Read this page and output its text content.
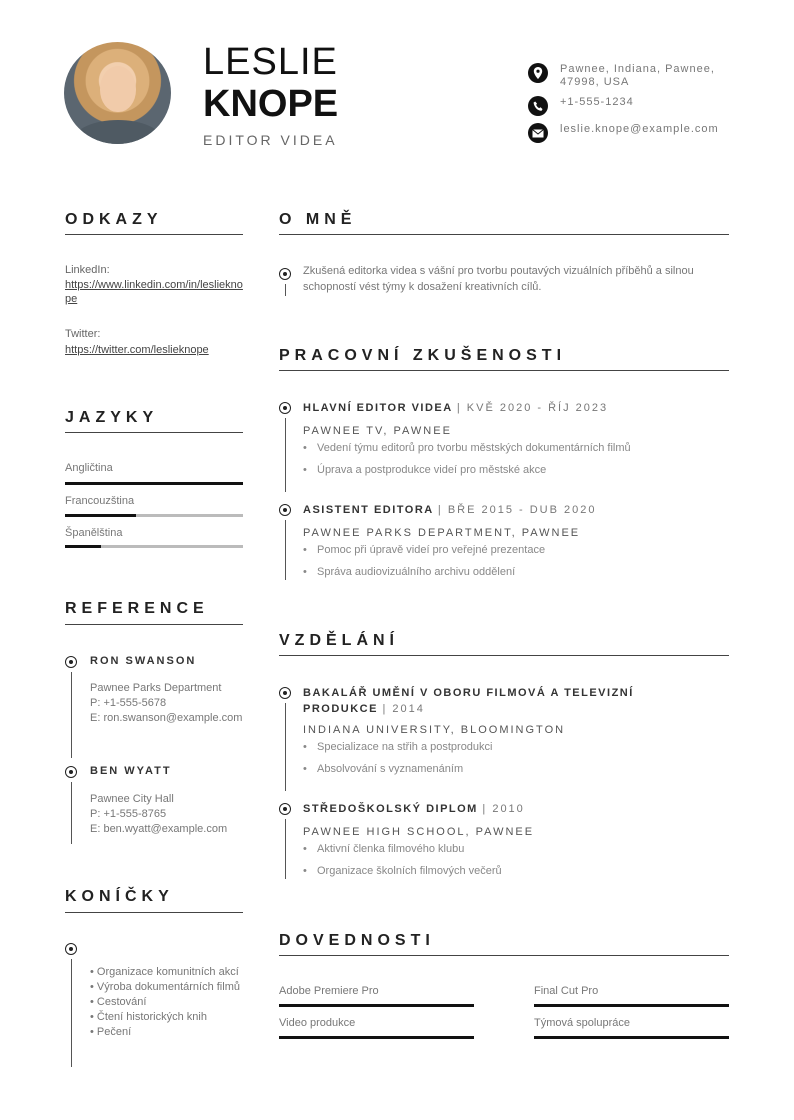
LESLIE
KNOPE
EDITOR VIDEA
Pawnee, Indiana, Pawnee, 47998, USA
+1-555-1234
leslie.knope@example.com
ODKAZY
LinkedIn:
https://www.linkedin.com/in/leslieknope
Twitter:
https://twitter.com/leslieknope
JAZYKY
Angličtina
Francouzština
Španělština
REFERENCE
RON SWANSON
Pawnee Parks Department
P: +1-555-5678
E: ron.swanson@example.com
BEN WYATT
Pawnee City Hall
P: +1-555-8765
E: ben.wyatt@example.com
KONÍČKY
• Organizace komunitních akcí
• Výroba dokumentárních filmů
• Cestování
• Čtení historických knih
• Pečení
O MNĚ
Zkušená editorka videa s vášní pro tvorbu poutavých vizuálních příběhů a silnou schopností vést týmy k dosažení kreativních cílů.
PRACOVNÍ ZKUŠENOSTI
HLAVNÍ EDITOR VIDEA | KVĚ 2020 - ŘÍJ 2023
PAWNEE TV, PAWNEE
• Vedení týmu editorů pro tvorbu městských dokumentárních filmů
• Úprava a postprodukce videí pro městské akce
ASISTENT EDITORA | BŘE 2015 - DUB 2020
PAWNEE PARKS DEPARTMENT, PAWNEE
• Pomoc při úpravě videí pro veřejné prezentace
• Správa audiovizuálního archivu oddělení
VZDĚLÁNÍ
BAKALÁŘ UMĚNÍ V OBORU FILMOVÁ A TELEVIZNÍ PRODUKCE | 2014
INDIANA UNIVERSITY, BLOOMINGTON
• Specializace na střih a postprodukci
• Absolvování s vyznamenáním
STŘEDOŠKOLSKÝ DIPLOM | 2010
PAWNEE HIGH SCHOOL, PAWNEE
• Aktivní členka filmového klubu
• Organizace školních filmových večerů
DOVEDNOSTI
Adobe Premiere Pro	Final Cut Pro
Video produkce	Týmová spolupráce
